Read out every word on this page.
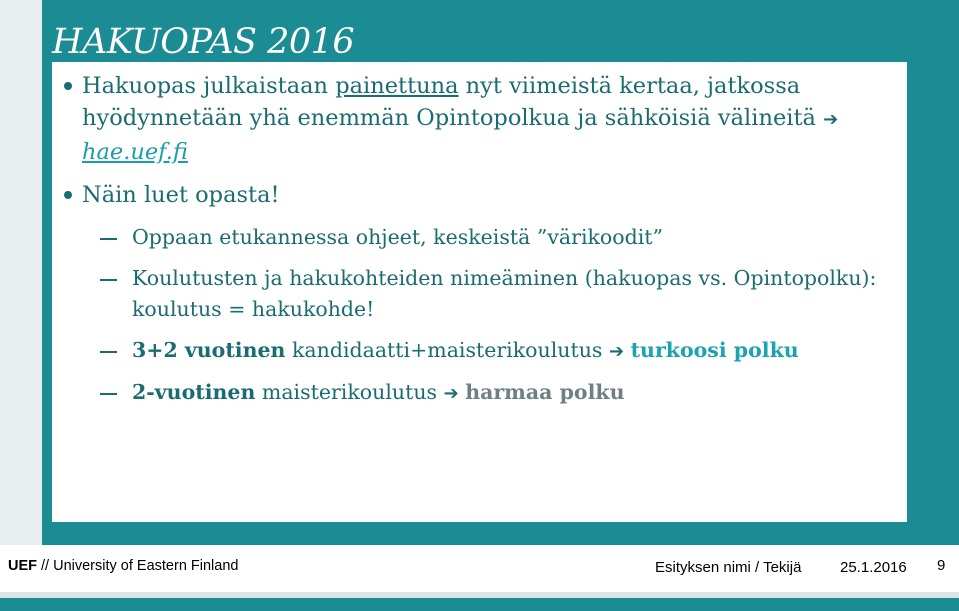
HAKUOPAS 2016
Hakuopas julkaistaan painettuna nyt viimeistä kertaa, jatkossa hyödynnetään yhä enemmän Opintopolkua ja sähköisiä välineitä ➔ hae.uef.fi
Näin luet opasta!
Oppaan etukannessa ohjeet, keskeistä ”värikoodit”
Koulutusten ja hakukohteiden nimeäminen (hakuopas vs. Opintopolku): koulutus = hakukohde!
3+2 vuotinen kandidaatti+maisterikoulutus ➔ turkoosi polku
2-vuotinen maisterikoulutus ➔ harmaa polku
UEF // University of Eastern Finland	Esityksen nimi / Tekijä	25.1.2016 9
